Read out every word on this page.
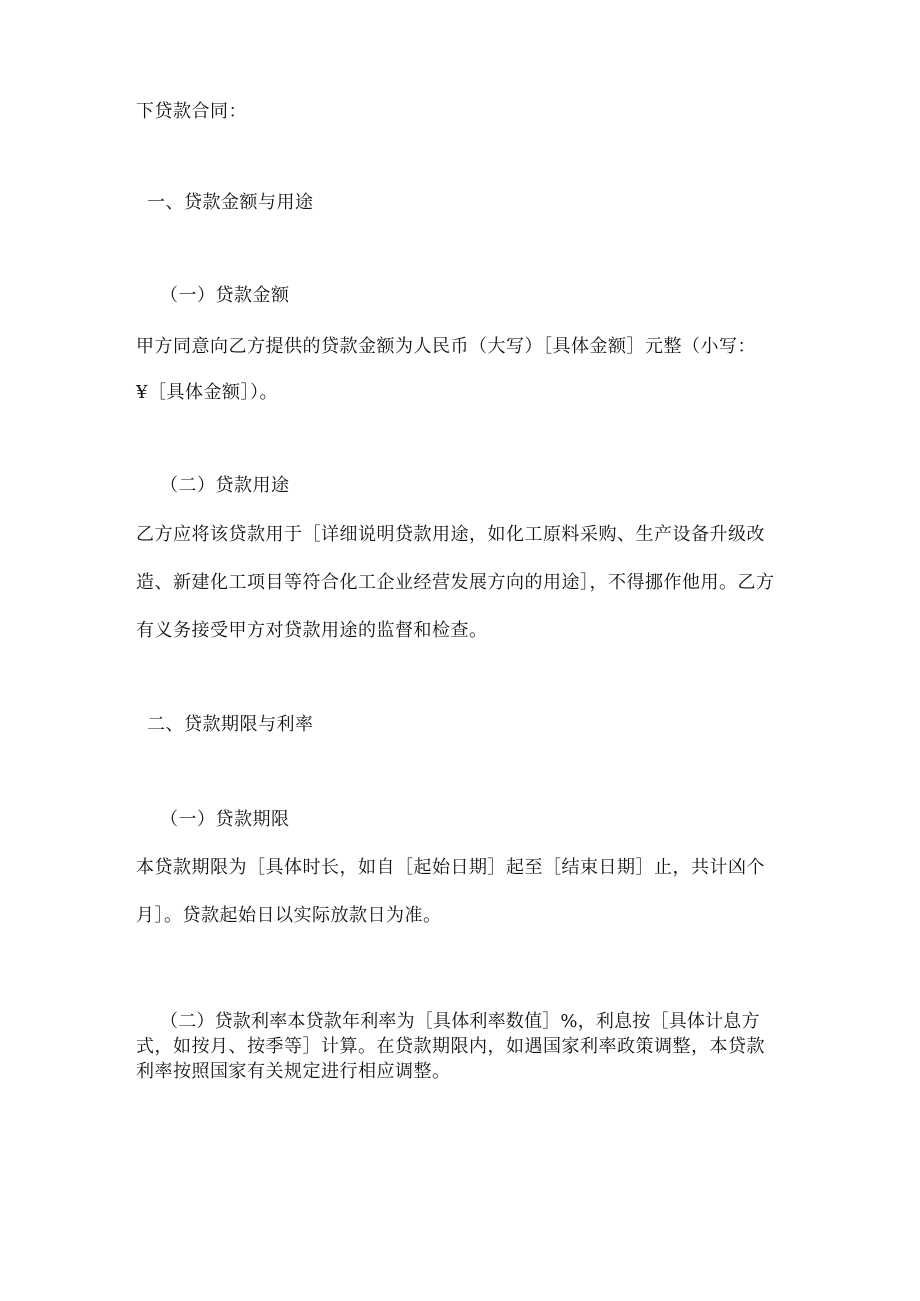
下贷款合同：

一、贷款金额与用途

（一）贷款金额

甲方同意向乙方提供的贷款金额为人民币（大写）［具体金额］元整（小写：

¥［具体金额］）。

（二）贷款用途

乙方应将该贷款用于［详细说明贷款用途，如化工原料采购、生产设备升级改

造、新建化工项目等符合化工企业经营发展方向的用途］，不得挪作他用。乙方

有义务接受甲方对贷款用途的监督和检查。

二、贷款期限与利率

（一）贷款期限

本贷款期限为［具体时长，如自［起始日期］起至［结束日期］止，共计凶个

月］。贷款起始日以实际放款日为准。

（二）贷款利率本贷款年利率为［具体利率数值］%，利息按［具体计息方

式，如按月、按季等］计算。在贷款期限内，如遇国家利率政策调整，本贷款

利率按照国家有关规定进行相应调整。
